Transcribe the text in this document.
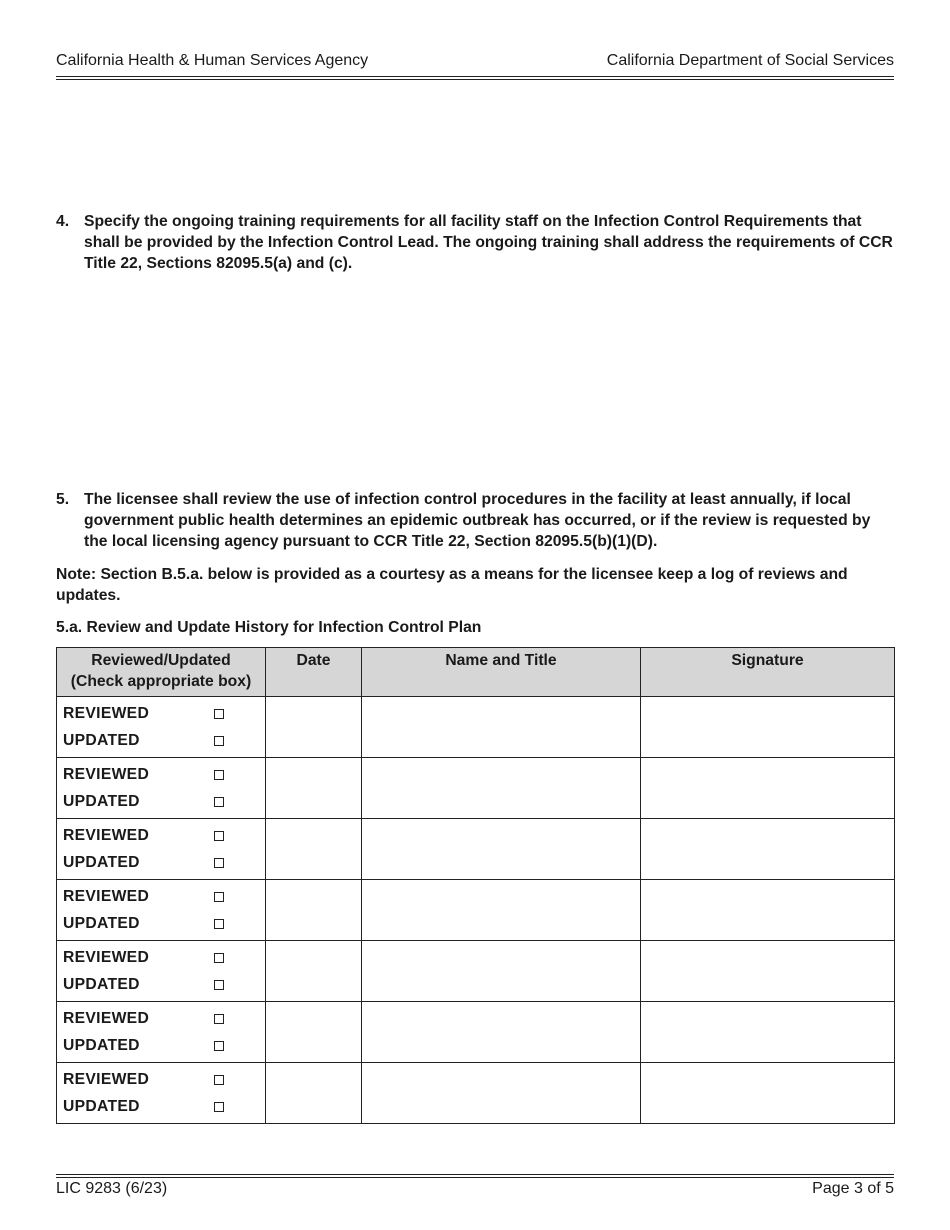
California Health & Human Services Agency	California Department of Social Services
4. Specify the ongoing training requirements for all facility staff on the Infection Control Requirements that shall be provided by the Infection Control Lead. The ongoing training shall address the requirements of CCR Title 22, Sections 82095.5(a) and (c).
5. The licensee shall review the use of infection control procedures in the facility at least annually, if local government public health determines an epidemic outbreak has occurred, or if the review is requested by the local licensing agency pursuant to CCR Title 22, Section 82095.5(b)(1)(D).
Note: Section B.5.a. below is provided as a courtesy as a means for the licensee keep a log of reviews and updates.
5.a. Review and Update History for Infection Control Plan
Reviewed/Updated
(Check appropriate box)	Date	Name and Title	Signature

REVIEWED
UPDATED			

REVIEWED
UPDATED			

REVIEWED
UPDATED			

REVIEWED
UPDATED			

REVIEWED
UPDATED			

REVIEWED
UPDATED			

REVIEWED
UPDATED			

LIC 9283 (6/23)	Page 3 of 5
